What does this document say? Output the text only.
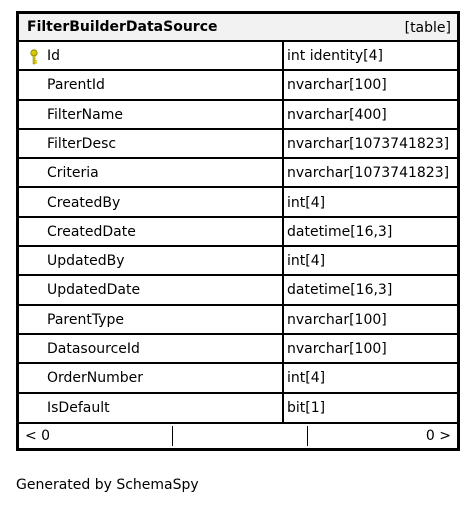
FilterBuilderDataSource	[table]
Id	int identity[4]
ParentId	nvarchar[100]
FilterName	nvarchar[400]
FilterDesc	nvarchar[1073741823]
Criteria	nvarchar[1073741823]
CreatedBy	int[4]
CreatedDate	datetime[16,3]
UpdatedBy	int[4]
UpdatedDate	datetime[16,3]
ParentType	nvarchar[100]
DatasourceId	nvarchar[100]
OrderNumber	int[4]
IsDefault	bit[1]
< 0	0 >
Generated by SchemaSpy
